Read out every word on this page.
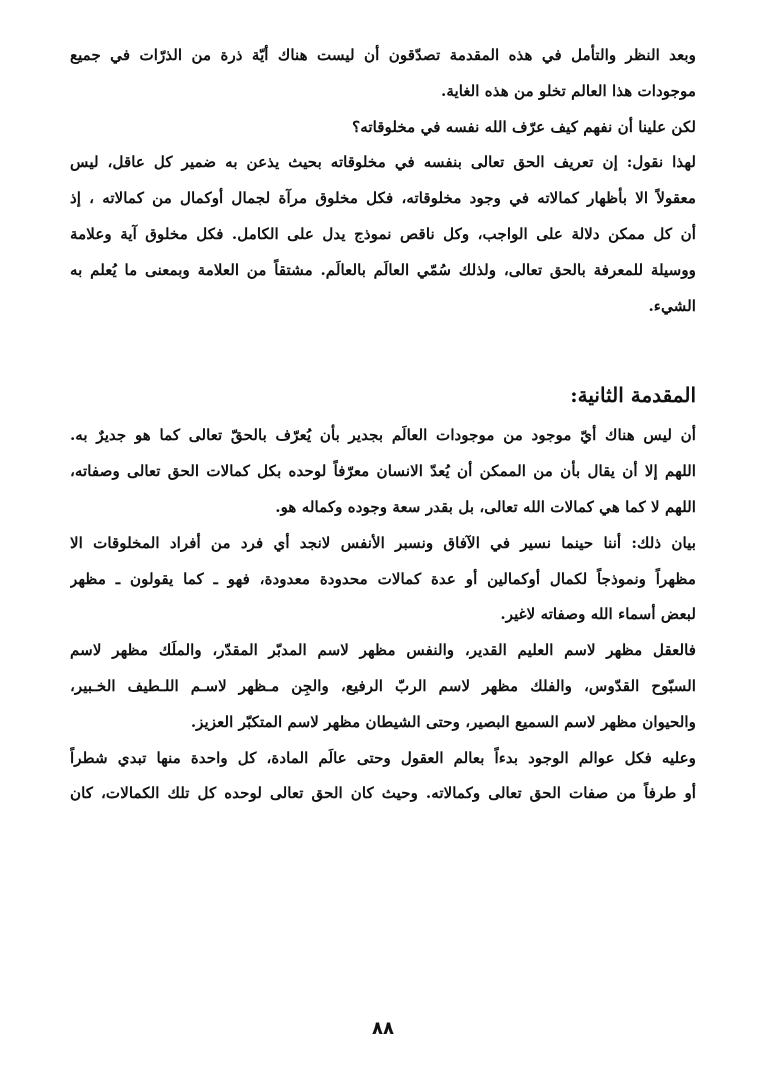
وبعد النظر والتأمل في هذه المقدمة تصدّقون أن ليست هناك أيّة ذرة من الذرّات في جميع
موجودات هذا العالم تخلو من هذه الغاية.
لكن علينا أن نفهم كيف عرّف الله نفسه في مخلوقاته؟
لهذا نقول: إن تعريف الحق تعالى بنفسه في مخلوقاته بحيث يذعن به ضمير كل عاقل، ليس
معقولاً الا بأظهار كمالاته في وجود مخلوقاته، فكل مخلوق مرآة لجمال أوكمال من كمالاته ، إذ
أن كل ممكن دلالة على الواجب، وكل ناقص نموذج يدل على الكامل. فكل مخلوق آية وعلامة
ووسيلة للمعرفة بالحق تعالى، ولذلك سُمّي العالَم بالعالَم. مشتقاً من العلامة وبمعنى ما يُعلم به
الشيء.
المقدمة الثانية:
أن ليس هناك أيّ موجود من موجودات العالَم بجدير بأن يُعرّف بالحقّ تعالى كما هو جديرٌ به.
اللهم إلا أن يقال بأن من الممكن أن يُعدّ الانسان معرّفاً لوحده بكل كمالات الحق تعالى وصفاته،
اللهم لا كما هي كمالات الله تعالى، بل بقدر سعة وجوده وكماله هو.
بيان ذلك: أننا حينما نسير في الآفاق ونسبر الأنفس لانجد أي فرد من أفراد المخلوقات الا
مظهراً ونموذجاً لكمال أوكمالين أو عدة كمالات محدودة معدودة، فهو ـ كما يقولون ـ مظهر
لبعض أسماء الله وصفاته لاغير.
فالعقل مظهر لاسم العليم القدير، والنفس مظهر لاسم المدبّر المقدّر، والملَك مظهر لاسم
السبّوح القدّوس، والفلك مظهر لاسم الربّ الرفيع، والجِن مـظهر لاسـم اللـطيف الخـبير،
والحيوان مظهر لاسم السميع البصير، وحتى الشيطان مظهر لاسم المتكبّر العزيز.
وعليه فكل عوالم الوجود بدءاً بعالم العقول وحتى عالَم المادة، كل واحدة منها تبدي شطراً
أو طرفاً من صفات الحق تعالى وكمالاته. وحيث كان الحق تعالى لوحده كل تلك الكمالات، كان
٨٨
